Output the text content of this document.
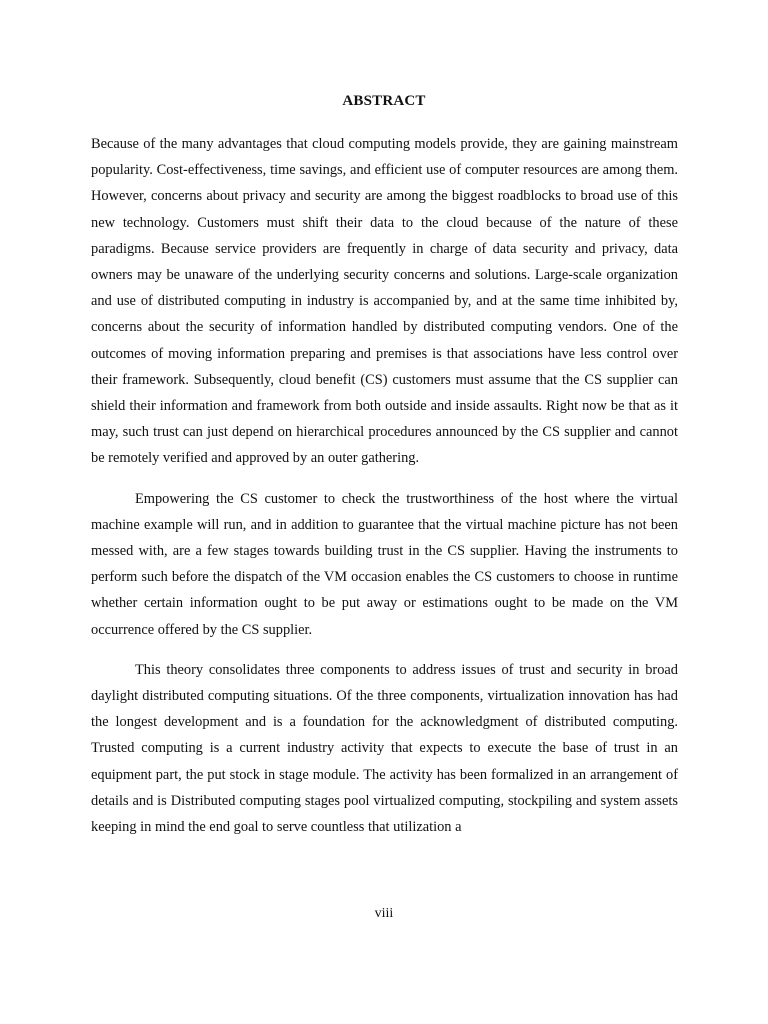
ABSTRACT

Because of the many advantages that cloud computing models provide, they are gaining mainstream popularity. Cost-effectiveness, time savings, and efficient use of computer resources are among them. However, concerns about privacy and security are among the biggest roadblocks to broad use of this new technology. Customers must shift their data to the cloud because of the nature of these paradigms. Because service providers are frequently in charge of data security and privacy, data owners may be unaware of the underlying security concerns and solutions. Large-scale organization and use of distributed computing in industry is accompanied by, and at the same time inhibited by, concerns about the security of information handled by distributed computing vendors. One of the outcomes of moving information preparing and premises is that associations have less control over their framework. Subsequently, cloud benefit (CS) customers must assume that the CS supplier can shield their information and framework from both outside and inside assaults. Right now be that as it may, such trust can just depend on hierarchical procedures announced by the CS supplier and cannot be remotely verified and approved by an outer gathering.

Empowering the CS customer to check the trustworthiness of the host where the virtual machine example will run, and in addition to guarantee that the virtual machine picture has not been messed with, are a few stages towards building trust in the CS supplier. Having the instruments to perform such before the dispatch of the VM occasion enables the CS customers to choose in runtime whether certain information ought to be put away or estimations ought to be made on the VM occurrence offered by the CS supplier.

This theory consolidates three components to address issues of trust and security in broad daylight distributed computing situations. Of the three components, virtualization innovation has had the longest development and is a foundation for the acknowledgment of distributed computing. Trusted computing is a current industry activity that expects to execute the base of trust in an equipment part, the put stock in stage module. The activity has been formalized in an arrangement of details and is Distributed computing stages pool virtualized computing, stockpiling and system assets keeping in mind the end goal to serve countless that utilization a

viii
